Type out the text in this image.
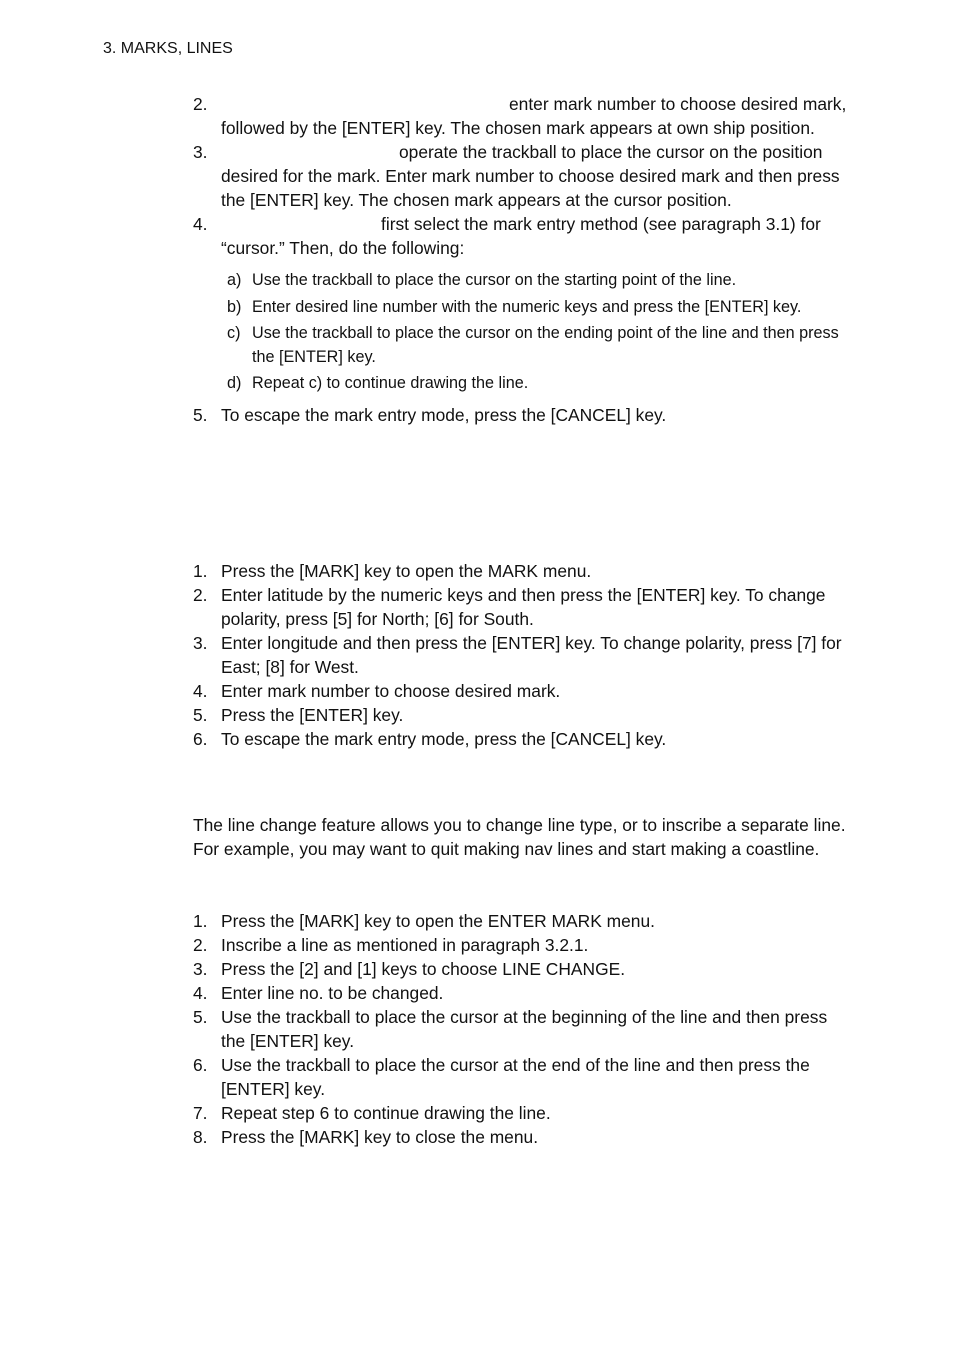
3. MARKS, LINES
2.	enter mark number to choose desired mark, followed by the [ENTER] key. The chosen mark appears at own ship position.
3.	operate the trackball to place the cursor on the position desired for the mark. Enter mark number to choose desired mark and then press the [ENTER] key. The chosen mark appears at the cursor position.
4.	first select the mark entry method (see paragraph 3.1) for “cursor.” Then, do the following:
a) Use the trackball to place the cursor on the starting point of the line.
b) Enter desired line number with the numeric keys and press the [ENTER] key.
c) Use the trackball to place the cursor on the ending point of the line and then press the [ENTER] key.
d) Repeat c) to continue drawing the line.
5. To escape the mark entry mode, press the [CANCEL] key.
1. Press the [MARK] key to open the MARK menu.
2. Enter latitude by the numeric keys and then press the [ENTER] key. To change polarity, press [5] for North; [6] for South.
3. Enter longitude and then press the [ENTER] key. To change polarity, press [7] for East; [8] for West.
4. Enter mark number to choose desired mark.
5. Press the [ENTER] key.
6. To escape the mark entry mode, press the [CANCEL] key.
The line change feature allows you to change line type, or to inscribe a separate line. For example, you may want to quit making nav lines and start making a coastline.
1. Press the [MARK] key to open the ENTER MARK menu.
2. Inscribe a line as mentioned in paragraph 3.2.1.
3. Press the [2] and [1] keys to choose LINE CHANGE.
4. Enter line no. to be changed.
5. Use the trackball to place the cursor at the beginning of the line and then press the [ENTER] key.
6. Use the trackball to place the cursor at the end of the line and then press the [ENTER] key.
7. Repeat step 6 to continue drawing the line.
8. Press the [MARK] key to close the menu.
